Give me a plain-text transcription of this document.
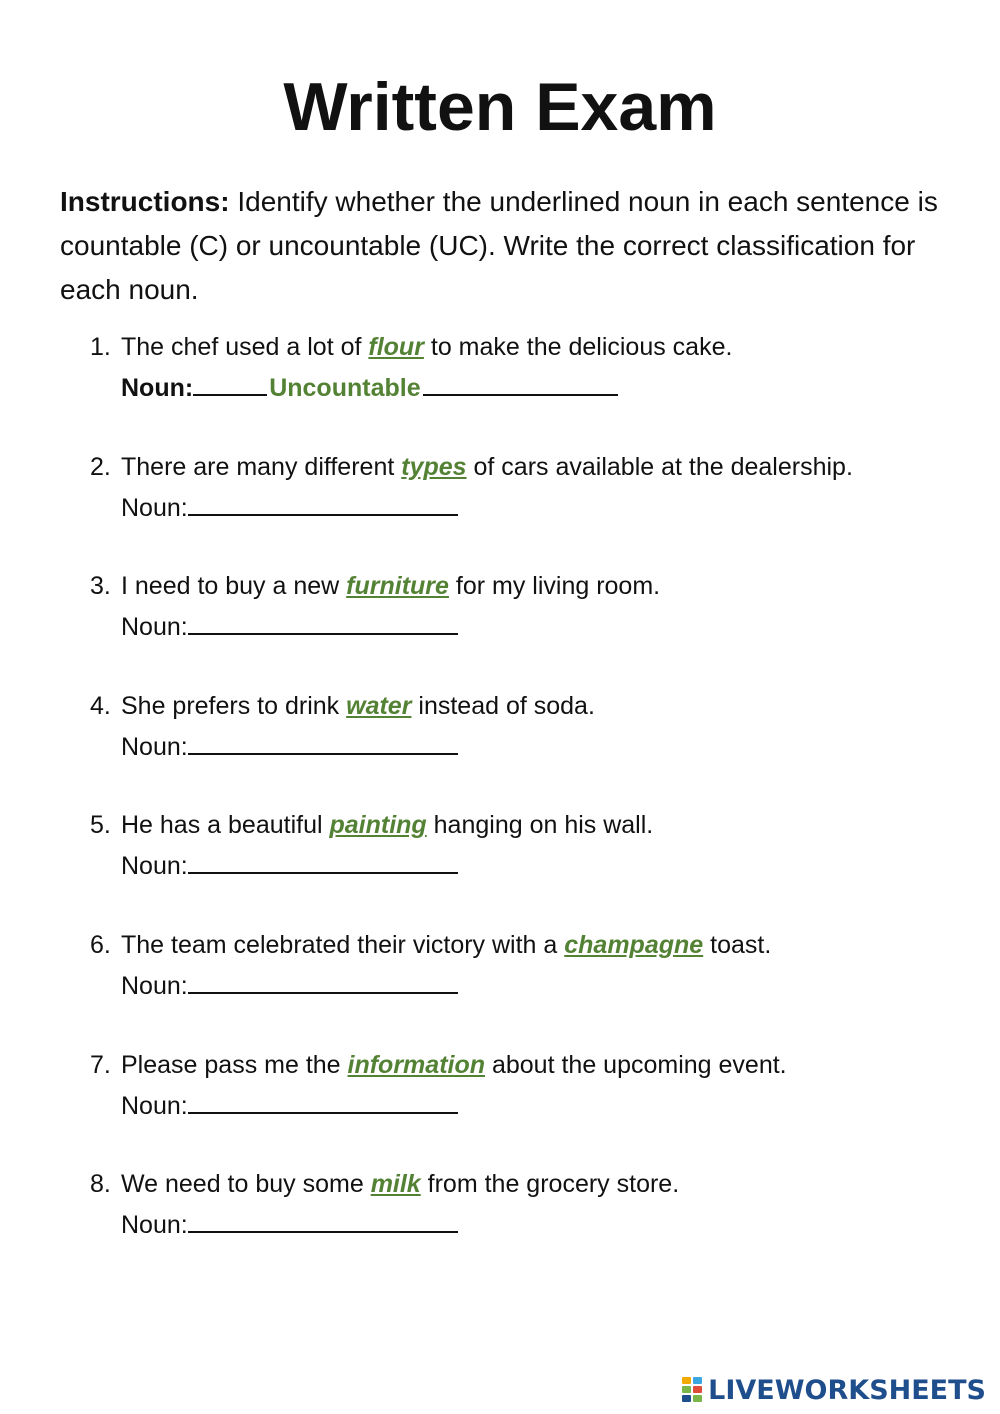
Written Exam
Instructions: Identify whether the underlined noun in each sentence is countable (C) or uncountable (UC). Write the correct classification for each noun.
1. The chef used a lot of flour to make the delicious cake.
Noun:	Uncountable
2. There are many different types of cars available at the dealership.
Noun:
3. I need to buy a new furniture for my living room.
Noun:
4. She prefers to drink water instead of soda.
Noun:
5. He has a beautiful painting hanging on his wall.
Noun:
6. The team celebrated their victory with a champagne toast.
Noun:
7. Please pass me the information about the upcoming event.
Noun:
8. We need to buy some milk from the grocery store.
Noun:
LIVEWORKSHEETS
